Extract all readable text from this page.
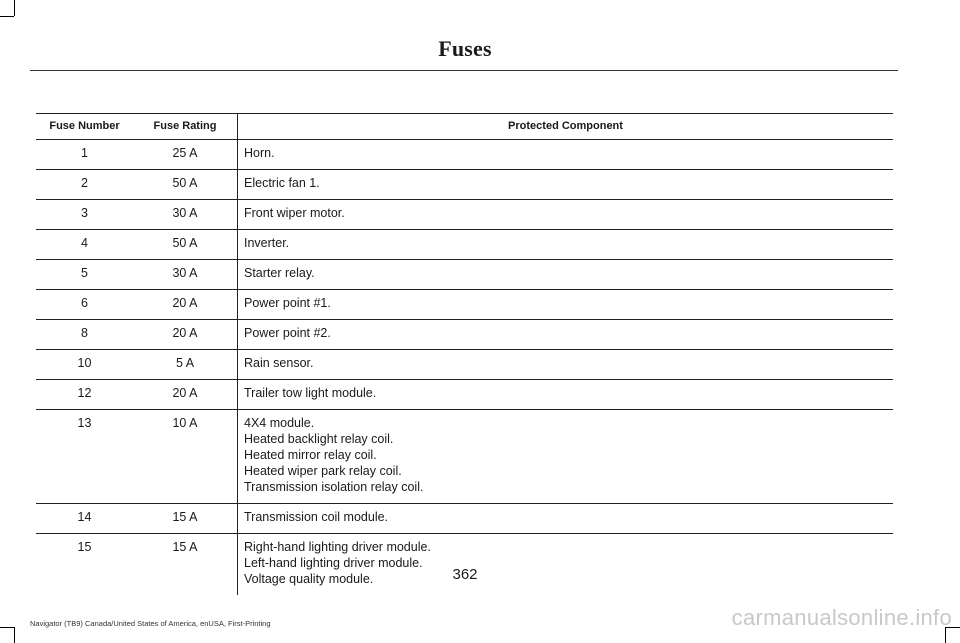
Fuses
Fuse Number	Fuse Rating	Protected Component
1	25 A	Horn.

2	50 A	Electric fan 1.

3	30 A	Front wiper motor.

4	50 A	Inverter.

5	30 A	Starter relay.

6	20 A	Power point #1.

8	20 A	Power point #2.

10	5 A	Rain sensor.

12	20 A	Trailer tow light module.

13	10 A	4X4 module.
Heated backlight relay coil.
Heated mirror relay coil.
Heated wiper park relay coil.
Transmission isolation relay coil.

14	15 A	Transmission coil module.

15	15 A	Right-hand lighting driver module.
Left-hand lighting driver module.
Voltage quality module.	362
Navigator (TB9) Canada/United States of America, enUSA, First-Printing	carmanualsonline.info
